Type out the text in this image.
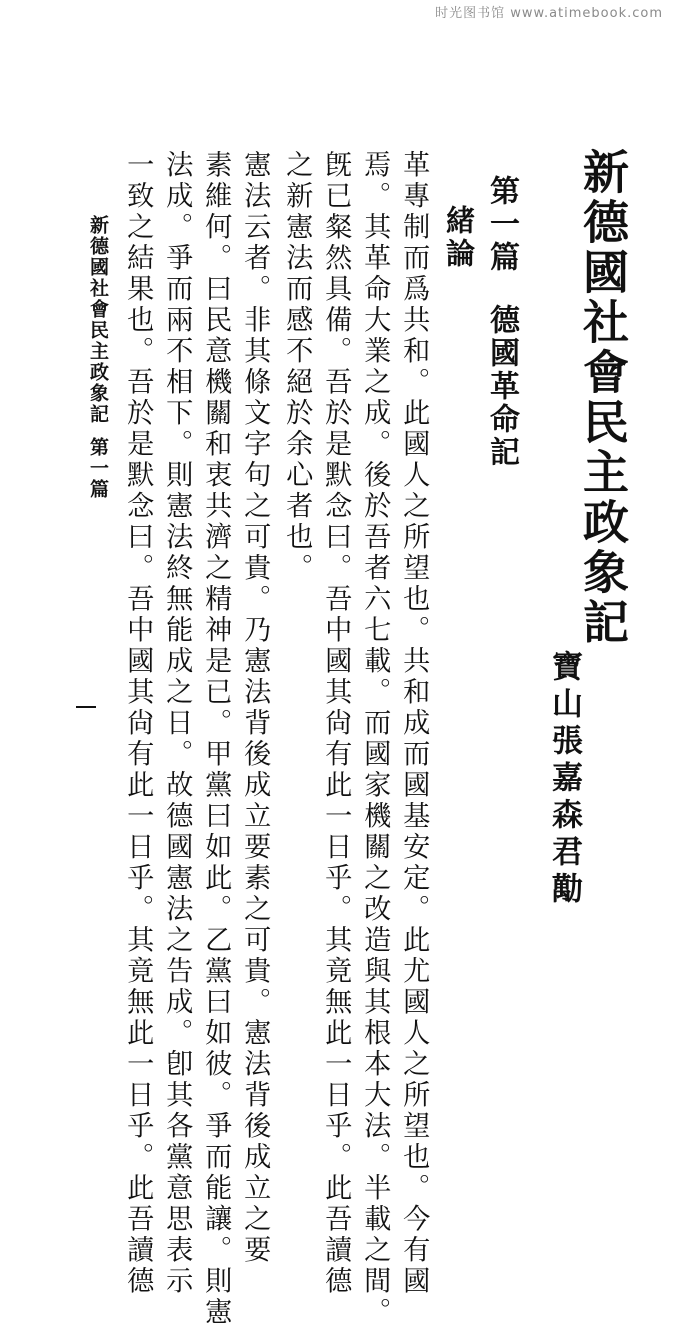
时光图书馆 www.atimebook.com
新德國社會民主政象記
寶山張嘉森君勱
第一篇德國革命記
緒論
革專制而爲共和。此國人之所望也。共和成而國基安定。此尤國人之所望也。今有國
焉。其革命大業之成。後於吾者六七載。而國家機關之改造與其根本大法。半載之間。
旣已粲然具備。吾於是默念曰。吾中國其尙有此一日乎。其竟無此一日乎。此吾讀德
之新憲法而感不絕於余心者也。
憲法云者。非其條文字句之可貴。乃憲法背後成立要素之可貴。憲法背後成立之要
素維何。曰民意機關和衷共濟之精神是已。甲黨曰如此。乙黨曰如彼。爭而能讓。則憲
法成。爭而兩不相下。則憲法終無能成之日。故德國憲法之告成。卽其各黨意思表示
一致之結果也。吾於是默念曰。吾中國其尙有此一日乎。其竟無此一日乎。此吾讀德
新德國社會民主政象記第一篇
